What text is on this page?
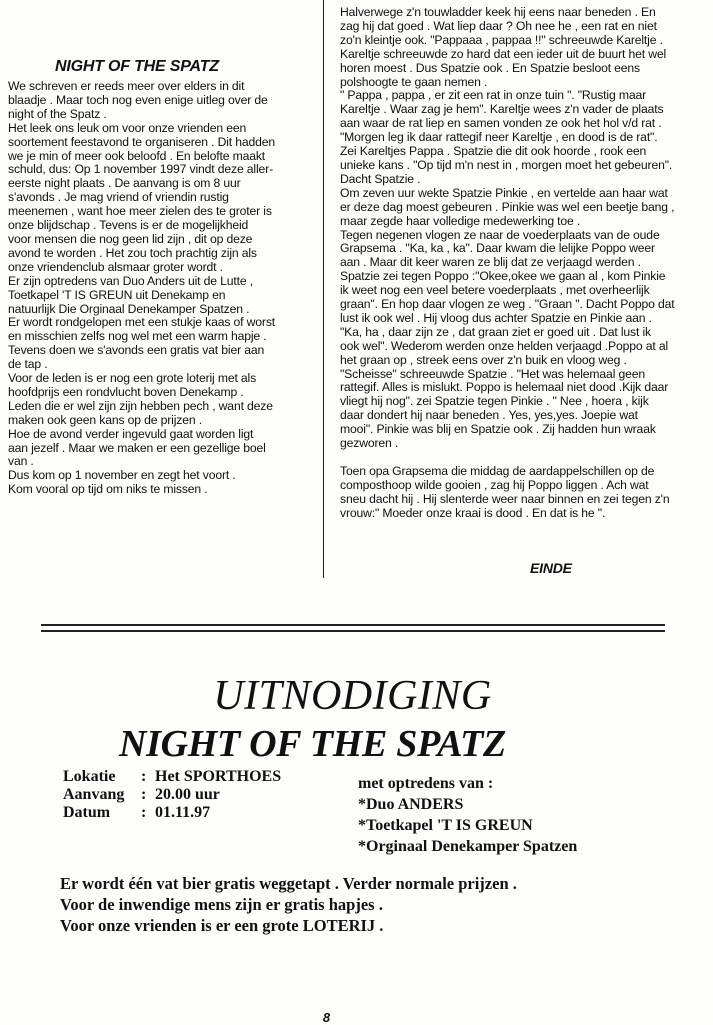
NIGHT OF THE SPATZ

We schreven er reeds meer over elders in dit
blaadje . Maar toch nog even enige uitleg over de
night of the Spatz .

Het leek ons leuk om voor onze vrienden een
soortement feestavond te organiseren . Dit hadden
we je min of meer ook beloofd . En belofte maakt
schuld, dus: Op 1 november 1997 vindt deze aller-
eerste night plaats . De aanvang is om 8 uur
s'avonds . Je mag vriend of vriendin rustig
meenemen , want hoe meer zielen des te groter is
onze blijdschap . Tevens is er de mogelijkheid
voor mensen die nog geen lid zijn , dit op deze
avond te worden . Het zou toch prachtig zijn als
onze vriendenclub alsmaar groter wordt .

Er zijn optredens van Duo Anders uit de Lutte ,
Toetkapel 'T IS GREUN uit Denekamp en
natuurlijk Die Orginaal Denekamper Spatzen .

Er wordt rondgelopen met een stukje kaas of worst
en misschien zelfs nog wel met een warm hapje .

Tevens doen we s'avonds een gratis vat bier aan
de tap .

Voor de leden is er nog een grote loterij met als
hoofdprijs een rondvlucht boven Denekamp .

Leden die er wel zijn zijn hebben pech , want deze
maken ook geen kans op de prijzen .

Hoe de avond verder ingevuld gaat worden ligt
aan jezelf . Maar we maken er een gezellige boel
van .

Dus kom op 1 november en zegt het voort .

Kom vooral op tijd om niks te missen .

Halverwege z'n touwladder keek hij eens naar beneden . En
zag hij dat goed . Wat liep daar ? Oh nee he , een rat en niet
zo'n kleintje ook. "Pappaaa , pappaa !!" schreeuwde Kareltje .
Kareltje schreeuwde zo hard dat een ieder uit de buurt het wel
horen moest . Dus Spatzie ook . En Spatzie besloot eens
polshoogte te gaan nemen .

" Pappa , pappa , er zit een rat in onze tuin ". "Rustig maar
Kareltje . Waar zag je hem". Kareltje wees z'n vader de plaats
aan waar de rat liep en samen vonden ze ook het hol v/d rat .
"Morgen leg ik daar rattegif neer Kareltje , en dood is de rat".
Zei Kareltjes Pappa . Spatzie die dit ook hoorde , rook een
unieke kans . "Op tijd m'n nest in , morgen moet het gebeuren".
Dacht Spatzie .

Om zeven uur wekte Spatzie Pinkie , en vertelde aan haar wat
er deze dag moest gebeuren . Pinkie was wel een beetje bang ,
maar zegde haar volledige medewerking toe .

Tegen negenen vlogen ze naar de voederplaats van de oude
Grapsema . "Ka, ka , ka". Daar kwam die lelijke Poppo weer
aan . Maar dit keer waren ze blij dat ze verjaagd werden .
Spatzie zei tegen Poppo :"Okee,okee we gaan al , kom Pinkie
ik weet nog een veel betere voederplaats , met overheerlijk
graan". En hop daar vlogen ze weg . "Graan ". Dacht Poppo dat
lust ik ook wel . Hij vloog dus achter Spatzie en Pinkie aan .

"Ka, ha , daar zijn ze , dat graan ziet er goed uit . Dat lust ik
ook wel". Wederom werden onze helden verjaagd .Poppo at al
het graan op , streek eens over z'n buik en vloog weg .

"Scheisse" schreeuwde Spatzie . "Het was helemaal geen
rattegif. Alles is mislukt. Poppo is helemaal niet dood .Kijk daar
vliegt hij nog". zei Spatzie tegen Pinkie . " Nee , hoera , kijk
daar dondert hij naar beneden . Yes, yes,yes. Joepie wat
mooi". Pinkie was blij en Spatzie ook . Zij hadden hun wraak
gezworen .

Toen opa Grapsema die middag de aardappelschillen op de
composthoop wilde gooien , zag hij Poppo liggen . Ach wat
sneu dacht hij . Hij slenterde weer naar binnen en zei tegen z'n
vrouw:" Moeder onze kraai is dood . En dat is he ".

EINDE
UITNODIGING
NIGHT OF THE SPATZ
Lokatie	:	Het SPORTHOES
Aanvang	:	20.00 uur
Datum	:	01.11.97
met optredens van :
*Duo ANDERS
*Toetkapel 'T IS GREUN
*Orginaal Denekamper Spatzen
Er wordt één vat bier gratis weggetapt . Verder normale prijzen .
Voor de inwendige mens zijn er gratis hapjes .
Voor onze vrienden is er een grote LOTERIJ .
8
